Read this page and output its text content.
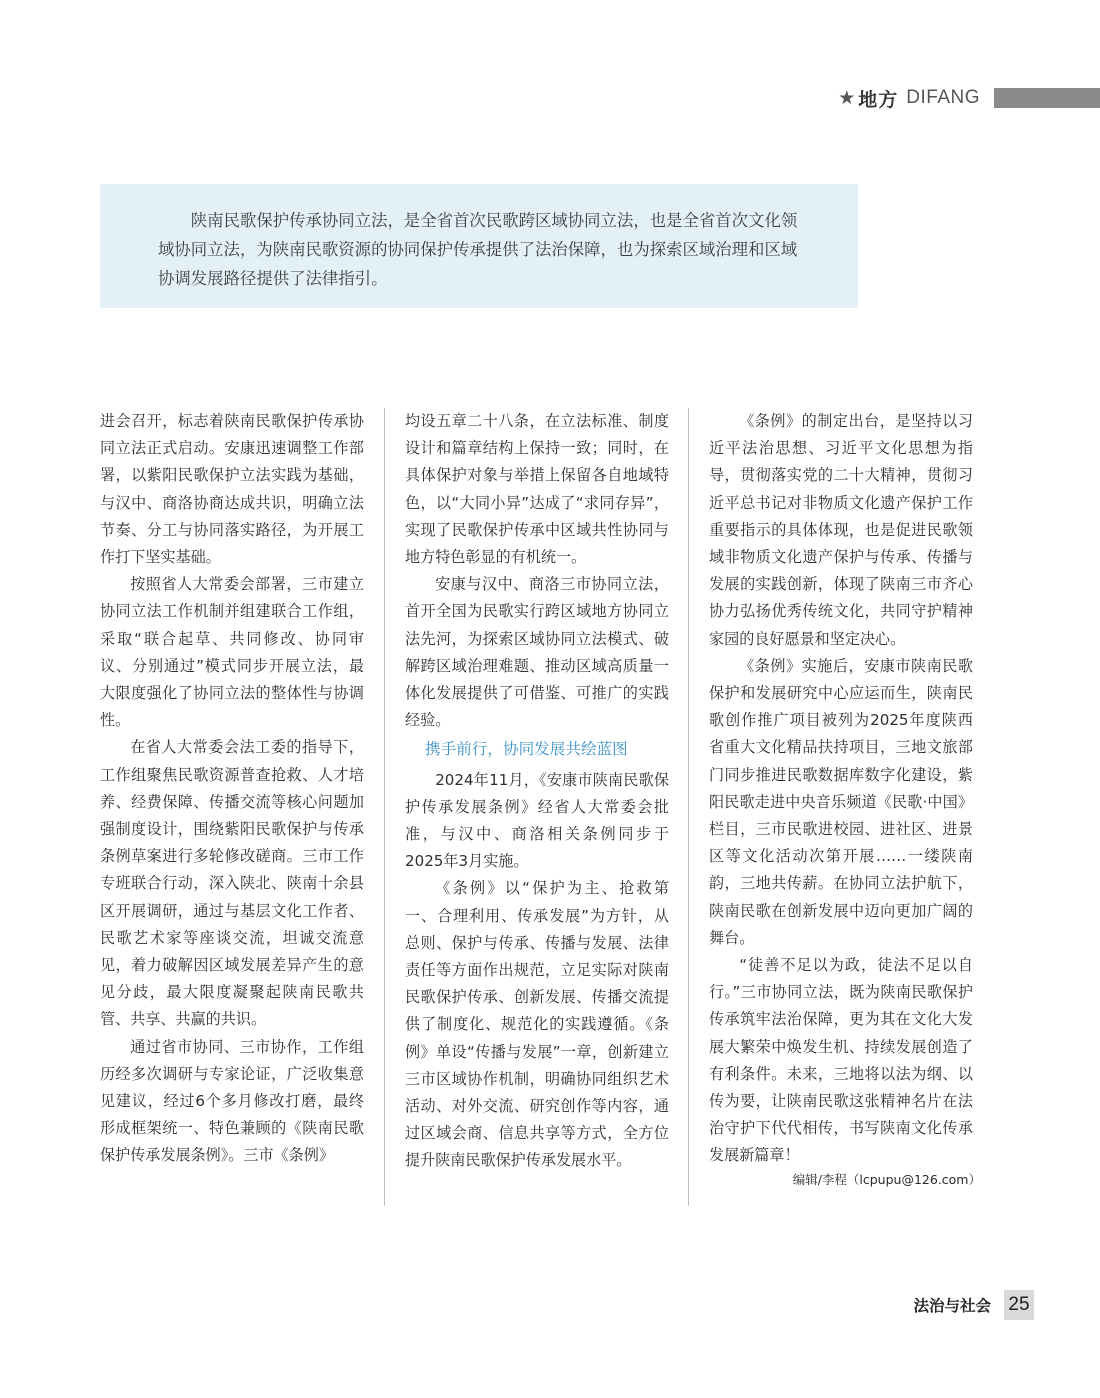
★ 地方 DIFANG

陕南民歌保护传承协同立法，是全省首次民歌跨区域协同立法，也是全省首次文化领域协同立法，为陕南民歌资源的协同保护传承提供了法治保障，也为探索区域治理和区域协调发展路径提供了法律指引。

进会召开，标志着陕南民歌保护传承协同立法正式启动。安康迅速调整工作部署，以紫阳民歌保护立法实践为基础，与汉中、商洛协商达成共识，明确立法节奏、分工与协同落实路径，为开展工作打下坚实基础。

按照省人大常委会部署，三市建立协同立法工作机制并组建联合工作组，采取“联合起草、共同修改、协同审议、分别通过”模式同步开展立法，最大限度强化了协同立法的整体性与协调性。

在省人大常委会法工委的指导下，工作组聚焦民歌资源普查抢救、人才培养、经费保障、传播交流等核心问题加强制度设计，围绕紫阳民歌保护与传承条例草案进行多轮修改磋商。三市工作专班联合行动，深入陕北、陕南十余县区开展调研，通过与基层文化工作者、民歌艺术家等座谈交流，坦诚交流意见，着力破解因区域发展差异产生的意见分歧，最大限度凝聚起陕南民歌共管、共享、共赢的共识。

通过省市协同、三市协作，工作组历经多次调研与专家论证，广泛收集意见建议，经过6个多月修改打磨，最终形成框架统一、特色兼顾的《陕南民歌保护传承发展条例》。三市《条例》

均设五章二十八条，在立法标准、制度设计和篇章结构上保持一致；同时，在具体保护对象与举措上保留各自地域特色，以“大同小异”达成了“求同存异”，实现了民歌保护传承中区域共性协同与地方特色彰显的有机统一。

安康与汉中、商洛三市协同立法，首开全国为民歌实行跨区域地方协同立法先河，为探索区域协同立法模式、破解跨区域治理难题、推动区域高质量一体化发展提供了可借鉴、可推广的实践经验。

携手前行，协同发展共绘蓝图

2024年11月，《安康市陕南民歌保护传承发展条例》经省人大常委会批准，与汉中、商洛相关条例同步于2025年3月实施。

《条例》以“保护为主、抢救第一、合理利用、传承发展”为方针，从总则、保护与传承、传播与发展、法律责任等方面作出规范，立足实际对陕南民歌保护传承、创新发展、传播交流提供了制度化、规范化的实践遵循。《条例》单设“传播与发展”一章，创新建立三市区域协作机制，明确协同组织艺术活动、对外交流、研究创作等内容，通过区域会商、信息共享等方式，全方位提升陕南民歌保护传承发展水平。

《条例》的制定出台，是坚持以习近平法治思想、习近平文化思想为指导，贯彻落实党的二十大精神，贯彻习近平总书记对非物质文化遗产保护工作重要指示的具体体现，也是促进民歌领域非物质文化遗产保护与传承、传播与发展的实践创新，体现了陕南三市齐心协力弘扬优秀传统文化，共同守护精神家园的良好愿景和坚定决心。

《条例》实施后，安康市陕南民歌保护和发展研究中心应运而生，陕南民歌创作推广项目被列为2025年度陕西省重大文化精品扶持项目，三地文旅部门同步推进民歌数据库数字化建设，紫阳民歌走进中央音乐频道《民歌·中国》栏目，三市民歌进校园、进社区、进景区等文化活动次第开展……一缕陕南韵，三地共传薪。在协同立法护航下，陕南民歌在创新发展中迈向更加广阔的舞台。

“徒善不足以为政，徒法不足以自行。”三市协同立法，既为陕南民歌保护传承筑牢法治保障，更为其在文化大发展大繁荣中焕发生机、持续发展创造了有利条件。未来，三地将以法为纲、以传为要，让陕南民歌这张精神名片在法治守护下代代相传，书写陕南文化传承发展新篇章！

编辑/李程（lcpupu@126.com）
法治与社会 25
